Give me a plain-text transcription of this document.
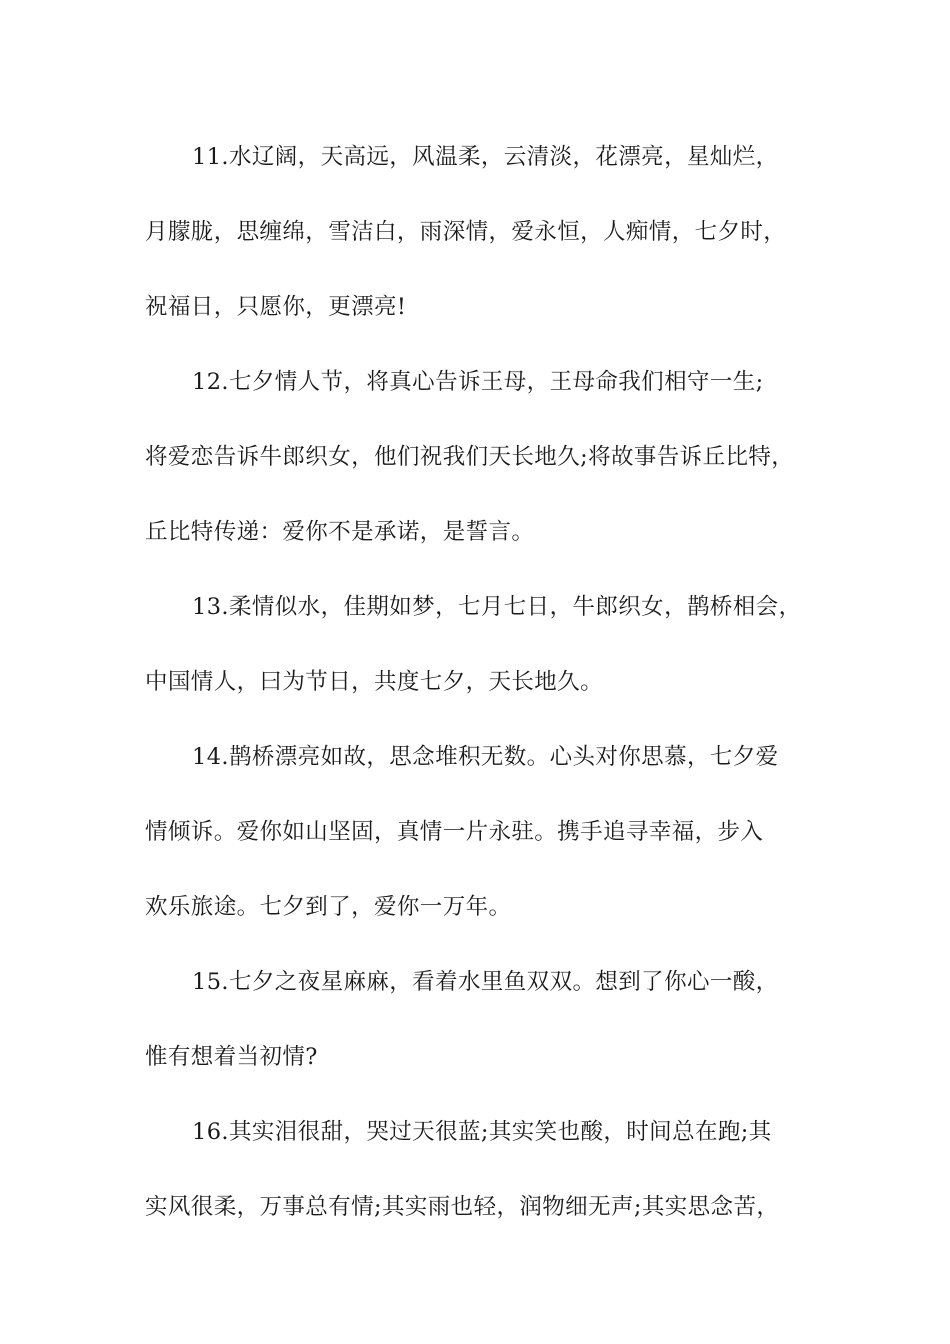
11.水辽阔，天高远，风温柔，云清淡，花漂亮，星灿烂，
月朦胧，思缠绵，雪洁白，雨深情，爱永恒，人痴情，七夕时，
祝福日，只愿你，更漂亮!
12.七夕情人节，将真心告诉王母，王母命我们相守一生;
将爱恋告诉牛郎织女，他们祝我们天长地久;将故事告诉丘比特，
丘比特传递：爱你不是承诺，是誓言。
13.柔情似水，佳期如梦，七月七日，牛郎织女，鹊桥相会，
中国情人，曰为节日，共度七夕，天长地久。
14.鹊桥漂亮如故，思念堆积无数。心头对你思慕，七夕爱
情倾诉。爱你如山坚固，真情一片永驻。携手追寻幸福，步入
欢乐旅途。七夕到了，爱你一万年。
15.七夕之夜星麻麻，看着水里鱼双双。想到了你心一酸，
惟有想着当初情?
16.其实泪很甜，哭过天很蓝;其实笑也酸，时间总在跑;其
实风很柔，万事总有情;其实雨也轻，润物细无声;其实思念苦，
